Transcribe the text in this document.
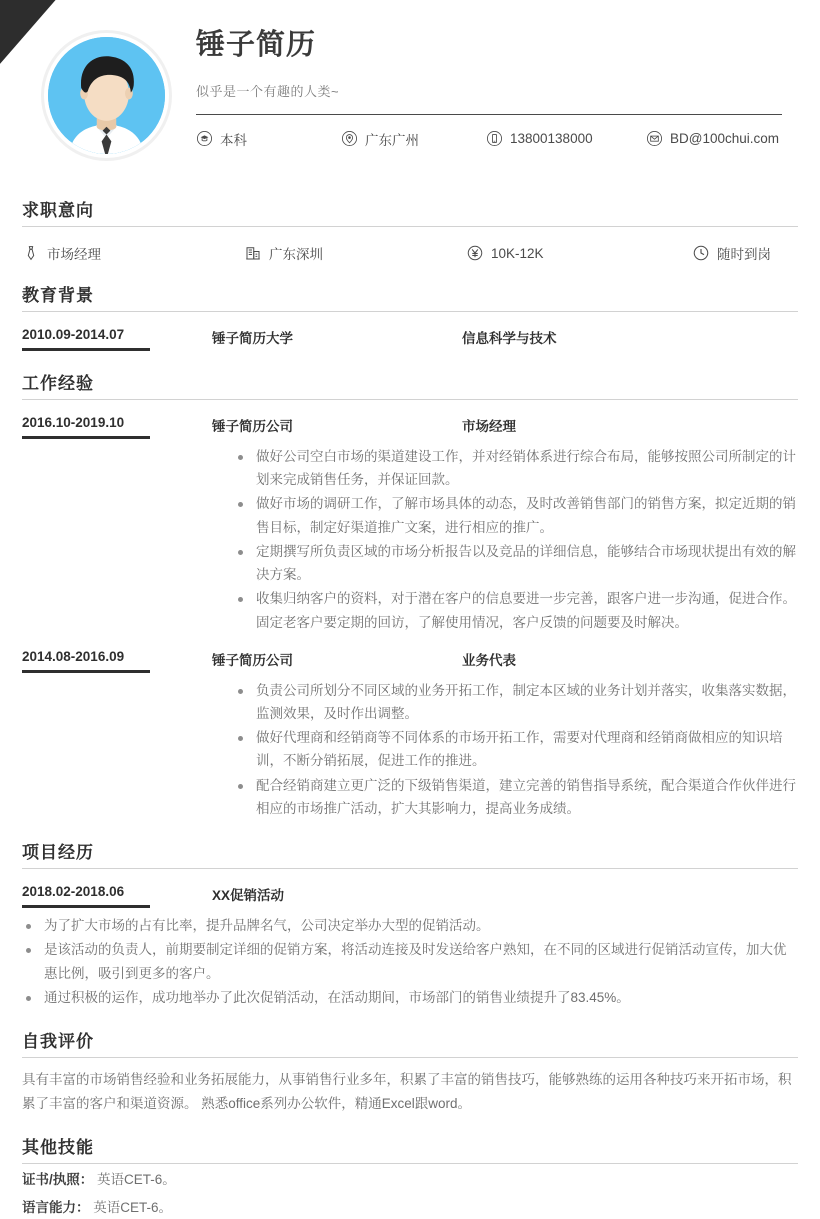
锤子简历
似乎是一个有趣的人类~
本科	广东广州	13800138000	BD@100chui.com
求职意向
市场经理	广东深圳	10K-12K	随时到岗
教育背景
2010.09-2014.07	锤子简历大学	信息科学与技术
工作经验
2016.10-2019.10	锤子简历公司	市场经理
做好公司空白市场的渠道建设工作，并对经销体系进行综合布局，能够按照公司所制定的计划来完成销售任务，并保证回款。
做好市场的调研工作，了解市场具体的动态，及时改善销售部门的销售方案，拟定近期的销售目标，制定好渠道推广文案，进行相应的推广。
定期撰写所负责区域的市场分析报告以及竞品的详细信息，能够结合市场现状提出有效的解决方案。
收集归纳客户的资料，对于潜在客户的信息要进一步完善，跟客户进一步沟通，促进合作。固定老客户要定期的回访，了解使用情况，客户反馈的问题要及时解决。
2014.08-2016.09	锤子简历公司	业务代表
负责公司所划分不同区域的业务开拓工作，制定本区域的业务计划并落实，收集落实数据，监测效果，及时作出调整。
做好代理商和经销商等不同体系的市场开拓工作，需要对代理商和经销商做相应的知识培训，不断分销拓展，促进工作的推进。
配合经销商建立更广泛的下级销售渠道，建立完善的销售指导系统，配合渠道合作伙伴进行相应的市场推广活动，扩大其影响力，提高业务成绩。
项目经历
2018.02-2018.06	XX促销活动
为了扩大市场的占有比率，提升品牌名气，公司决定举办大型的促销活动。
是该活动的负责人，前期要制定详细的促销方案，将活动连接及时发送给客户熟知，在不同的区域进行促销活动宣传，加大优惠比例，吸引到更多的客户。
通过积极的运作，成功地举办了此次促销活动，在活动期间，市场部门的销售业绩提升了83.45%。
自我评价
具有丰富的市场销售经验和业务拓展能力，从事销售行业多年，积累了丰富的销售技巧，能够熟练的运用各种技巧来开拓市场，积累了丰富的客户和渠道资源。 熟悉office系列办公软件，精通Excel跟word。
其他技能
证书/执照： 英语CET-6。
语言能力： 英语CET-6。
